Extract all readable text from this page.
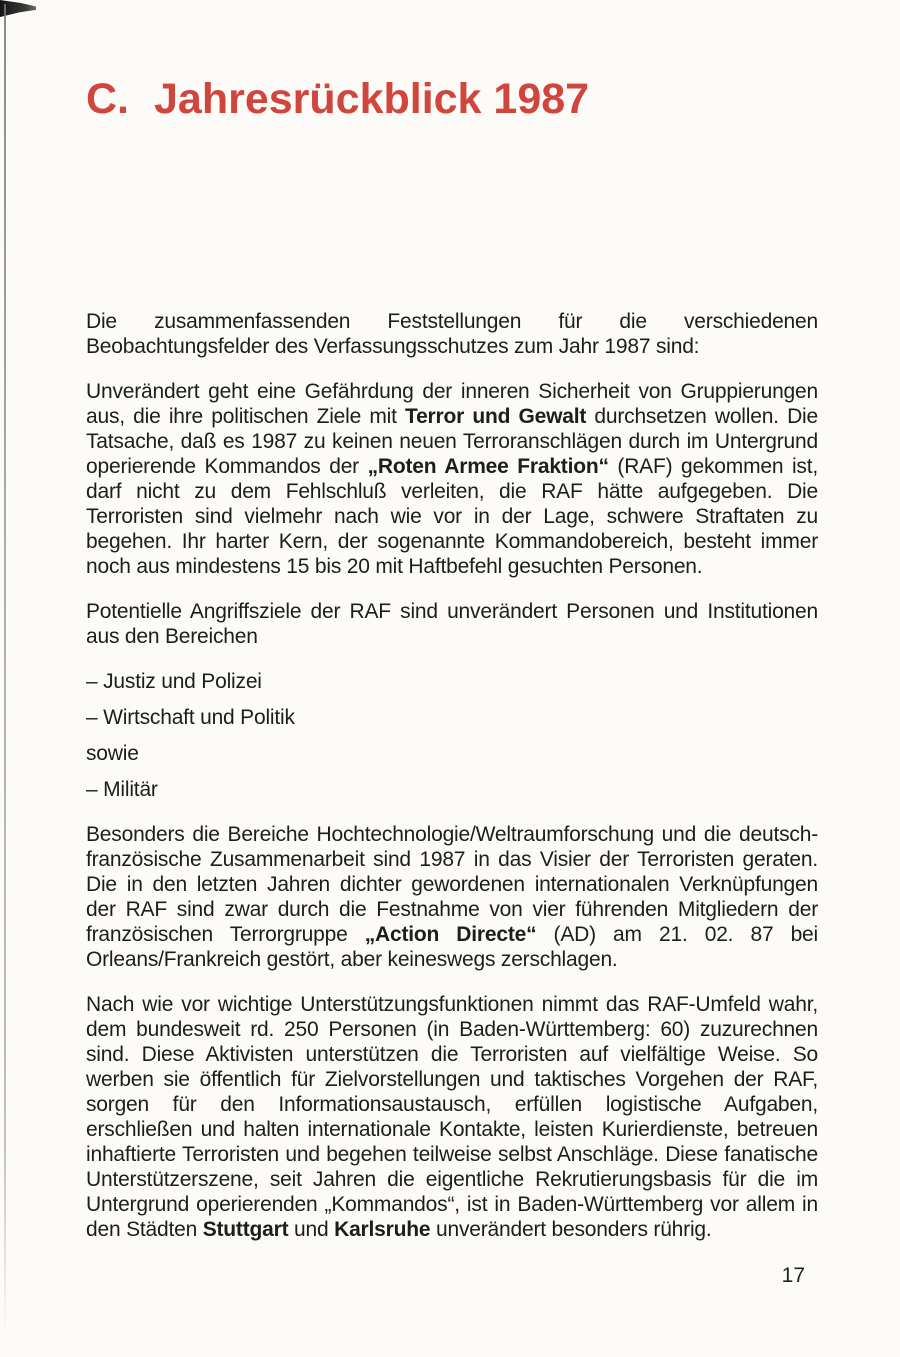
C. Jahresrückblick 1987
Die zusammenfassenden Feststellungen für die verschiedenen Beobachtungsfelder des Verfassungsschutzes zum Jahr 1987 sind:
Unverändert geht eine Gefährdung der inneren Sicherheit von Gruppierungen aus, die ihre politischen Ziele mit Terror und Gewalt durchsetzen wollen. Die Tatsache, daß es 1987 zu keinen neuen Terroranschlägen durch im Untergrund operierende Kommandos der „Roten Armee Fraktion“ (RAF) gekommen ist, darf nicht zu dem Fehlschluß verleiten, die RAF hätte aufgegeben. Die Terroristen sind vielmehr nach wie vor in der Lage, schwere Straftaten zu begehen. Ihr harter Kern, der sogenannte Kommandobereich, besteht immer noch aus mindestens 15 bis 20 mit Haftbefehl gesuchten Personen.
Potentielle Angriffsziele der RAF sind unverändert Personen und Institutionen aus den Bereichen
– Justiz und Polizei
– Wirtschaft und Politik
sowie
– Militär
Besonders die Bereiche Hochtechnologie/Weltraumforschung und die deutsch-französische Zusammenarbeit sind 1987 in das Visier der Terroristen geraten. Die in den letzten Jahren dichter gewordenen internationalen Verknüpfungen der RAF sind zwar durch die Festnahme von vier führenden Mitgliedern der französischen Terrorgruppe „Action Directe“ (AD) am 21. 02. 87 bei Orleans/Frankreich gestört, aber keineswegs zerschlagen.
Nach wie vor wichtige Unterstützungsfunktionen nimmt das RAF-Umfeld wahr, dem bundesweit rd. 250 Personen (in Baden-Württemberg: 60) zuzurechnen sind. Diese Aktivisten unterstützen die Terroristen auf vielfältige Weise. So werben sie öffentlich für Zielvorstellungen und taktisches Vorgehen der RAF, sorgen für den Informationsaustausch, erfüllen logistische Aufgaben, erschließen und halten internationale Kontakte, leisten Kurierdienste, betreuen inhaftierte Terroristen und begehen teilweise selbst Anschläge. Diese fanatische Unterstützerszene, seit Jahren die eigentliche Rekrutierungsbasis für die im Untergrund operierenden „Kommandos“, ist in Baden-Württemberg vor allem in den Städten Stuttgart und Karlsruhe unverändert besonders rührig.
17
